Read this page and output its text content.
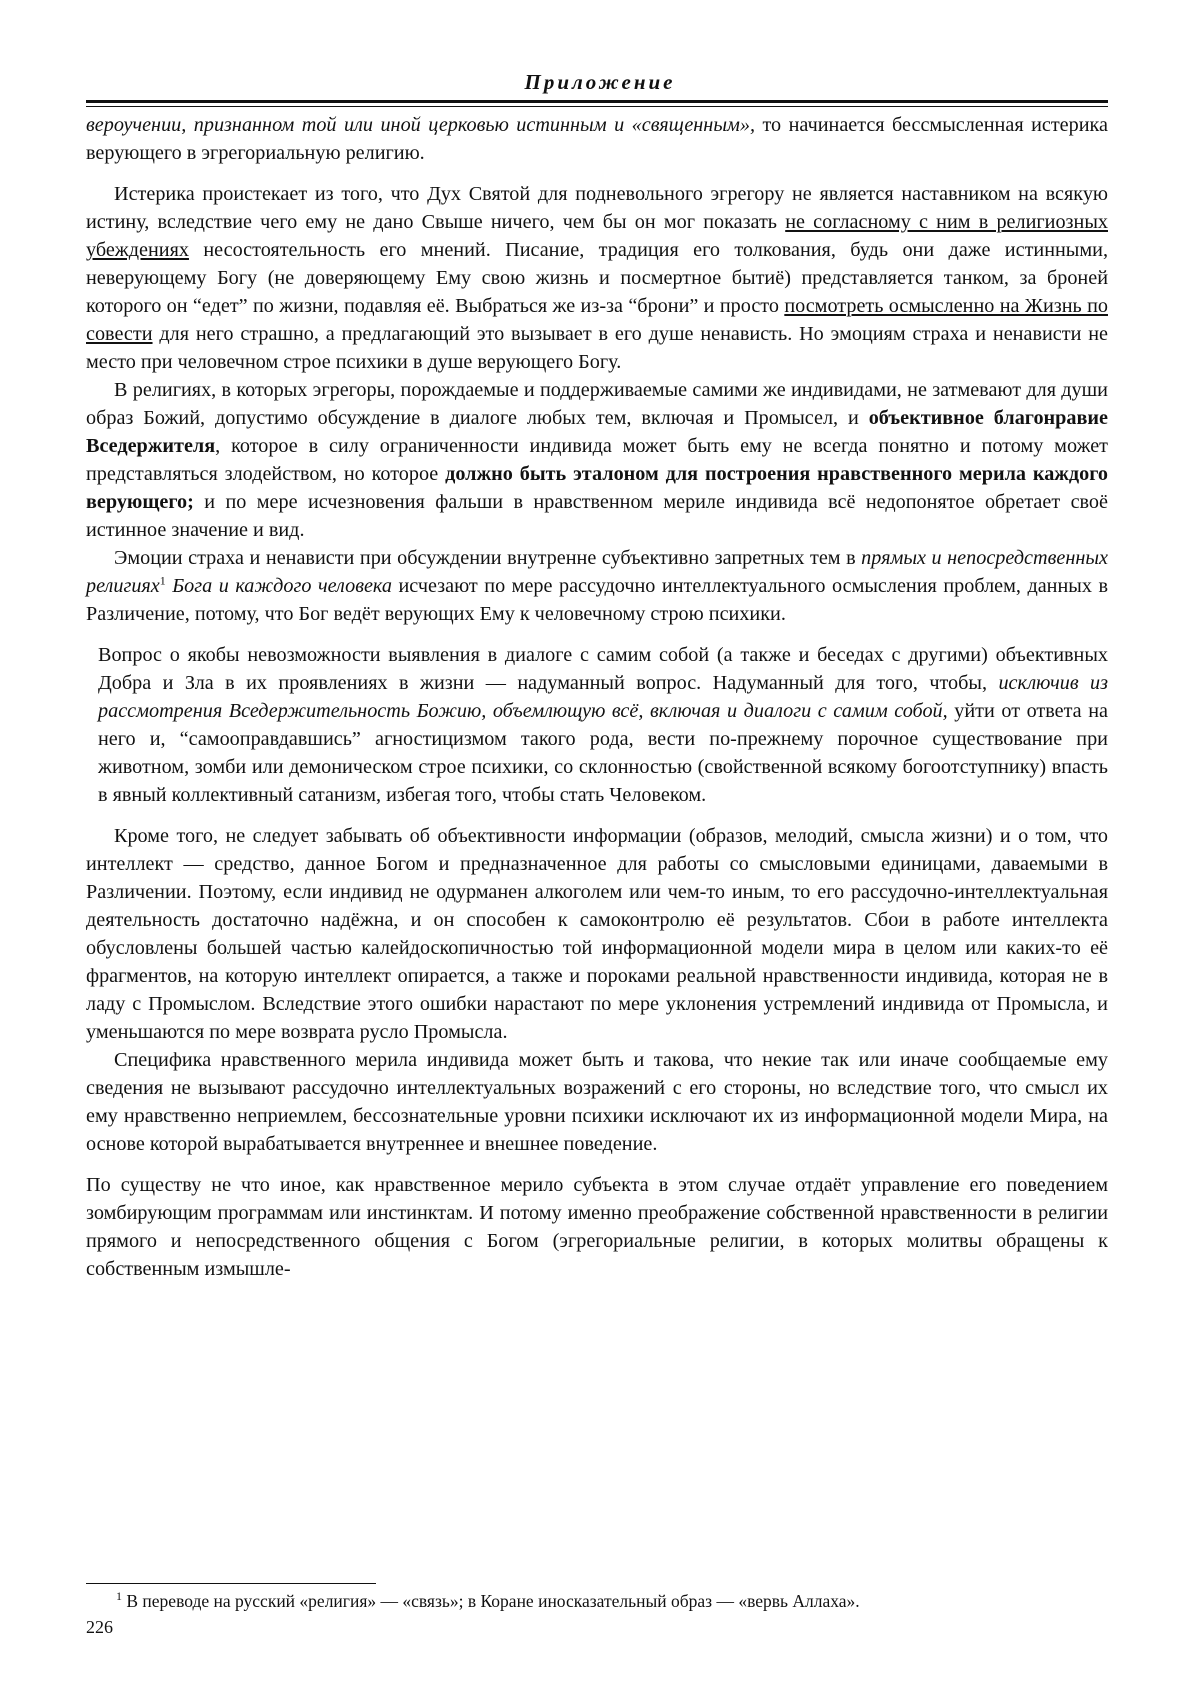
Приложение

вероучении, признанном той или иной церковью истинным и «священным», то начинается бессмысленная истерика верующего в эгрегориальную религию.

Истерика проистекает из того, что Дух Святой для подневольного эгрегору не является наставником на всякую истину, вследствие чего ему не дано Свыше ничего, чем бы он мог показать не согласному с ним в религиозных убеждениях несостоятельность его мнений. Писание, традиция его толкования, будь они даже истинными, неверующему Богу (не доверяющему Ему свою жизнь и посмертное бытиё) представляется танком, за броней которого он “едет” по жизни, подавляя её. Выбраться же из-за “брони” и просто посмотреть осмысленно на Жизнь по совести для него страшно, а предлагающий это вызывает в его душе ненависть. Но эмоциям страха и ненависти не место при человечном строе психики в душе верующего Богу.

В религиях, в которых эгрегоры, порождаемые и поддерживаемые самими же индивидами, не затмевают для души образ Божий, допустимо обсуждение в диалоге любых тем, включая и Промысел, и объективное благонравие Вседержителя, которое в силу ограниченности индивида может быть ему не всегда понятно и потому может представляться злодейством, но которое должно быть эталоном для построения нравственного мерила каждого верующего; и по мере исчезновения фальши в нравственном мериле индивида всё недопонятое обретает своё истинное значение и вид.

Эмоции страха и ненависти при обсуждении внутренне субъективно запретных тем в прямых и непосредственных религиях$^1$ Бога и каждого человека исчезают по мере рассудочно интеллектуального осмысления проблем, данных в Различение, потому, что Бог ведёт верующих Ему к человечному строю психики.

Вопрос о якобы невозможности выявления в диалоге с самим собой (а также и беседах с другими) объективных Добра и Зла в их проявлениях в жизни — надуманный вопрос. Надуманный для того, чтобы, исключив из рассмотрения Вседержительность Божию, объемлющую всё, включая и диалоги с самим собой, уйти от ответа на него и, “самооправдавшись” агностицизмом такого рода, вести по-прежнему порочное существование при животном, зомби или демоническом строе психики, со склонностью (свойственной всякому богоотступнику) впасть в явный коллективный сатанизм, избегая того, чтобы стать Человеком.

Кроме того, не следует забывать об объективности информации (образов, мелодий, смысла жизни) и о том, что интеллект — средство, данное Богом и предназначенное для работы со смысловыми единицами, даваемыми в Различении. Поэтому, если индивид не одурманен алкоголем или чем-то иным, то его рассудочно-интеллектуальная деятельность достаточно надёжна, и он способен к самоконтролю её результатов. Сбои в работе интеллекта обусловлены большей частью калейдоскопичностью той информационной модели мира в целом или каких-то её фрагментов, на которую интеллект опирается, а также и пороками реальной нравственности индивида, которая не в ладу с Промыслом. Вследствие этого ошибки нарастают по мере уклонения устремлений индивида от Промысла, и уменьшаются по мере возврата русло Промысла.

Специфика нравственного мерила индивида может быть и такова, что некие так или иначе сообщаемые ему сведения не вызывают рассудочно интеллектуальных возражений с его стороны, но вследствие того, что смысл их ему нравственно неприемлем, бессознательные уровни психики исключают их из информационной модели Мира, на основе которой вырабатывается внутреннее и внешнее поведение.

По существу не что иное, как нравственное мерило субъекта в этом случае отдаёт управление его поведением зомбирующим программам или инстинктам. И потому именно преображение собственной нравственности в религии прямого и непосредственного общения с Богом (эгрегориальные религии, в которых молитвы обращены к собственным измышле-

$^1$ В переводе на русский «религия» — «связь»; в Коране иносказательный образ — «вервь Аллаха».
226
